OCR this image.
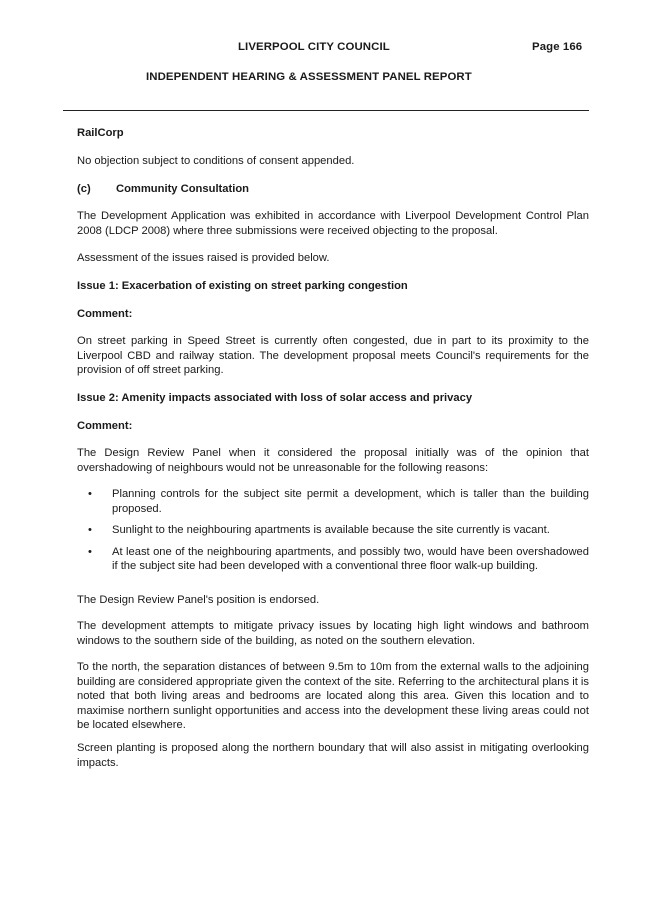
LIVERPOOL CITY COUNCIL	Page 166
INDEPENDENT HEARING & ASSESSMENT PANEL REPORT
RailCorp
No objection subject to conditions of consent appended.
(c) Community Consultation
The Development Application was exhibited in accordance with Liverpool Development Control Plan 2008 (LDCP 2008) where three submissions were received objecting to the proposal.
Assessment of the issues raised is provided below.
Issue 1: Exacerbation of existing on street parking congestion
Comment:
On street parking in Speed Street is currently often congested, due in part to its proximity to the Liverpool CBD and railway station. The development proposal meets Council's requirements for the provision of off street parking.
Issue 2: Amenity impacts associated with loss of solar access and privacy
Comment:
The Design Review Panel when it considered the proposal initially was of the opinion that overshadowing of neighbours would not be unreasonable for the following reasons:
• Planning controls for the subject site permit a development, which is taller than the building proposed.
• Sunlight to the neighbouring apartments is available because the site currently is vacant.
• At least one of the neighbouring apartments, and possibly two, would have been overshadowed if the subject site had been developed with a conventional three floor walk-up building.
The Design Review Panel's position is endorsed.
The development attempts to mitigate privacy issues by locating high light windows and bathroom windows to the southern side of the building, as noted on the southern elevation.
To the north, the separation distances of between 9.5m to 10m from the external walls to the adjoining building are considered appropriate given the context of the site. Referring to the architectural plans it is noted that both living areas and bedrooms are located along this area. Given this location and to maximise northern sunlight opportunities and access into the development these living areas could not be located elsewhere.
Screen planting is proposed along the northern boundary that will also assist in mitigating overlooking impacts.
